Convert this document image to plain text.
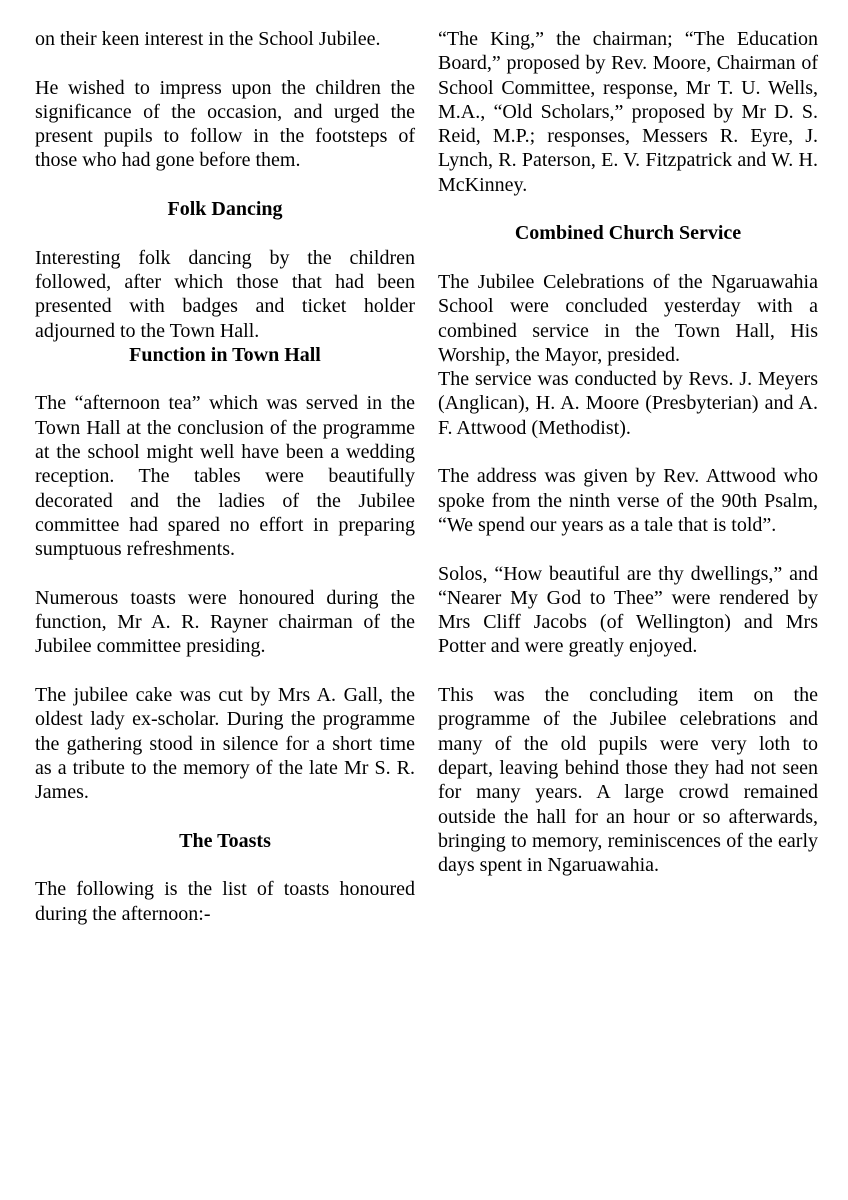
on their keen interest in the School Jubilee.

He wished to impress upon the children the significance of the occasion, and urged the present pupils to follow in the footsteps of those who had gone before them.

Folk Dancing

Interesting folk dancing by the children followed, after which those that had been presented with badges and ticket holder adjourned to the Town Hall.

Function in Town Hall

The “afternoon tea” which was served in the Town Hall at the conclusion of the programme at the school might well have been a wedding reception. The tables were beautifully decorated and the ladies of the Jubilee committee had spared no effort in preparing sumptuous refreshments.

Numerous toasts were honoured during the function, Mr A. R. Rayner chairman of the Jubilee committee presiding.

The jubilee cake was cut by Mrs A. Gall, the oldest lady ex-scholar. During the programme the gathering stood in silence for a short time as a tribute to the memory of the late Mr S. R. James.

The Toasts

The following is the list of toasts honoured during the afternoon:-

“The King,” the chairman; “The Education Board,” proposed by Rev. Moore, Chairman of School Committee, response, Mr T. U. Wells, M.A., “Old Scholars,” proposed by Mr D. S. Reid, M.P.; responses, Messers R. Eyre, J. Lynch, R. Paterson, E. V. Fitzpatrick and W. H. McKinney.

Combined Church Service

The Jubilee Celebrations of the Ngaruawahia School were concluded yesterday with a combined service in the Town Hall, His Worship, the Mayor, presided.

The service was conducted by Revs. J. Meyers (Anglican), H. A. Moore (Presbyterian) and A. F. Attwood (Methodist).

The address was given by Rev. Attwood who spoke from the ninth verse of the 90th Psalm, “We spend our years as a tale that is told”.

Solos, “How beautiful are thy dwellings,” and “Nearer My God to Thee” were rendered by Mrs Cliff Jacobs (of Wellington) and Mrs Potter and were greatly enjoyed.

This was the concluding item on the programme of the Jubilee celebrations and many of the old pupils were very loth to depart, leaving behind those they had not seen for many years. A large crowd remained outside the hall for an hour or so afterwards, bringing to memory, reminiscences of the early days spent in Ngaruawahia.
